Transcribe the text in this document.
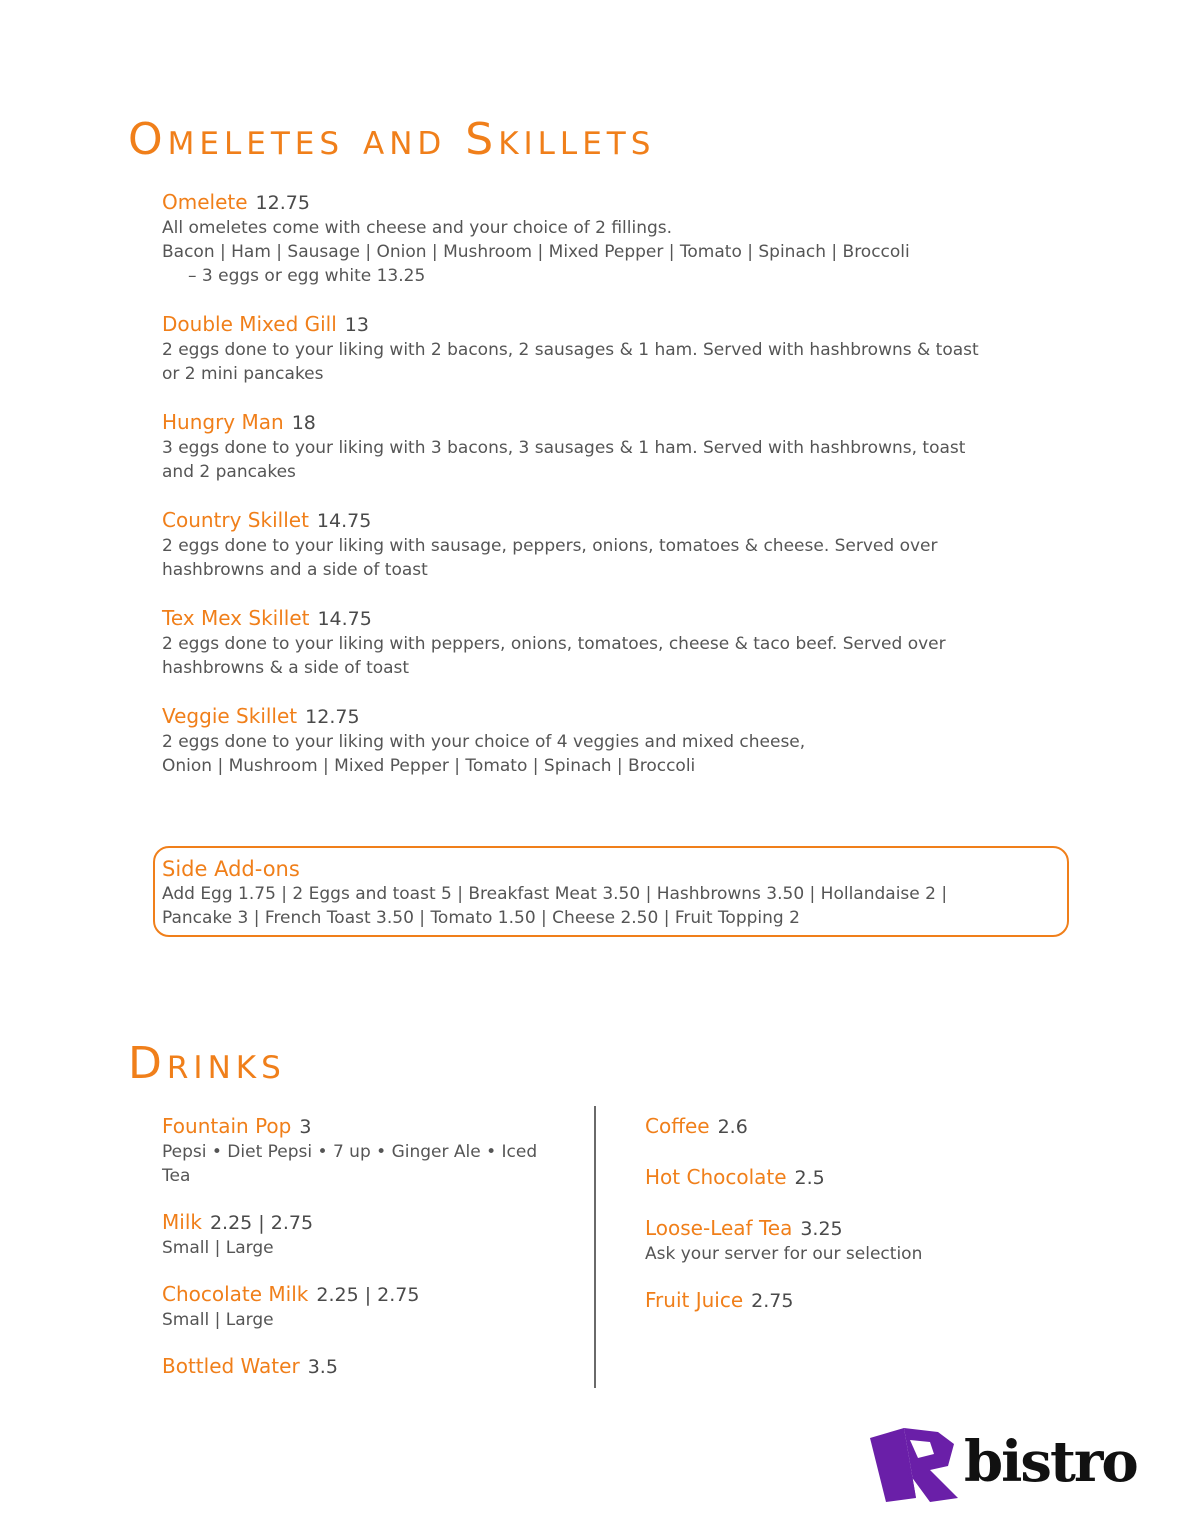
Omeletes and Skillets
Omelete 12.75
All omeletes come with cheese and your choice of 2 fillings.
Bacon | Ham | Sausage | Onion | Mushroom | Mixed Pepper | Tomato | Spinach | Broccoli
– 3 eggs or egg white 13.25
Double Mixed Gill 13
2 eggs done to your liking with 2 bacons, 2 sausages & 1 ham. Served with hashbrowns & toast
or 2 mini pancakes
Hungry Man 18
3 eggs done to your liking with 3 bacons, 3 sausages & 1 ham. Served with hashbrowns, toast
and 2 pancakes
Country Skillet 14.75
2 eggs done to your liking with sausage, peppers, onions, tomatoes & cheese. Served over
hashbrowns and a side of toast
Tex Mex Skillet 14.75
2 eggs done to your liking with peppers, onions, tomatoes, cheese & taco beef. Served over
hashbrowns & a side of toast
Veggie Skillet 12.75
2 eggs done to your liking with your choice of 4 veggies and mixed cheese,
Onion | Mushroom | Mixed Pepper | Tomato | Spinach | Broccoli
Side Add-ons
Add Egg 1.75 | 2 Eggs and toast 5 | Breakfast Meat 3.50 | Hashbrowns 3.50 | Hollandaise 2 |
Pancake 3 | French Toast 3.50 | Tomato 1.50 | Cheese 2.50 | Fruit Topping 2
Drinks
Fountain Pop 3
Pepsi • Diet Pepsi • 7 up • Ginger Ale • Iced
Tea
Milk 2.25 | 2.75
Small | Large
Chocolate Milk 2.25 | 2.75
Small | Large
Bottled Water 3.5
Coffee 2.6
Hot Chocolate 2.5
Loose-Leaf Tea 3.25
Ask your server for our selection
Fruit Juice 2.75
bistro
